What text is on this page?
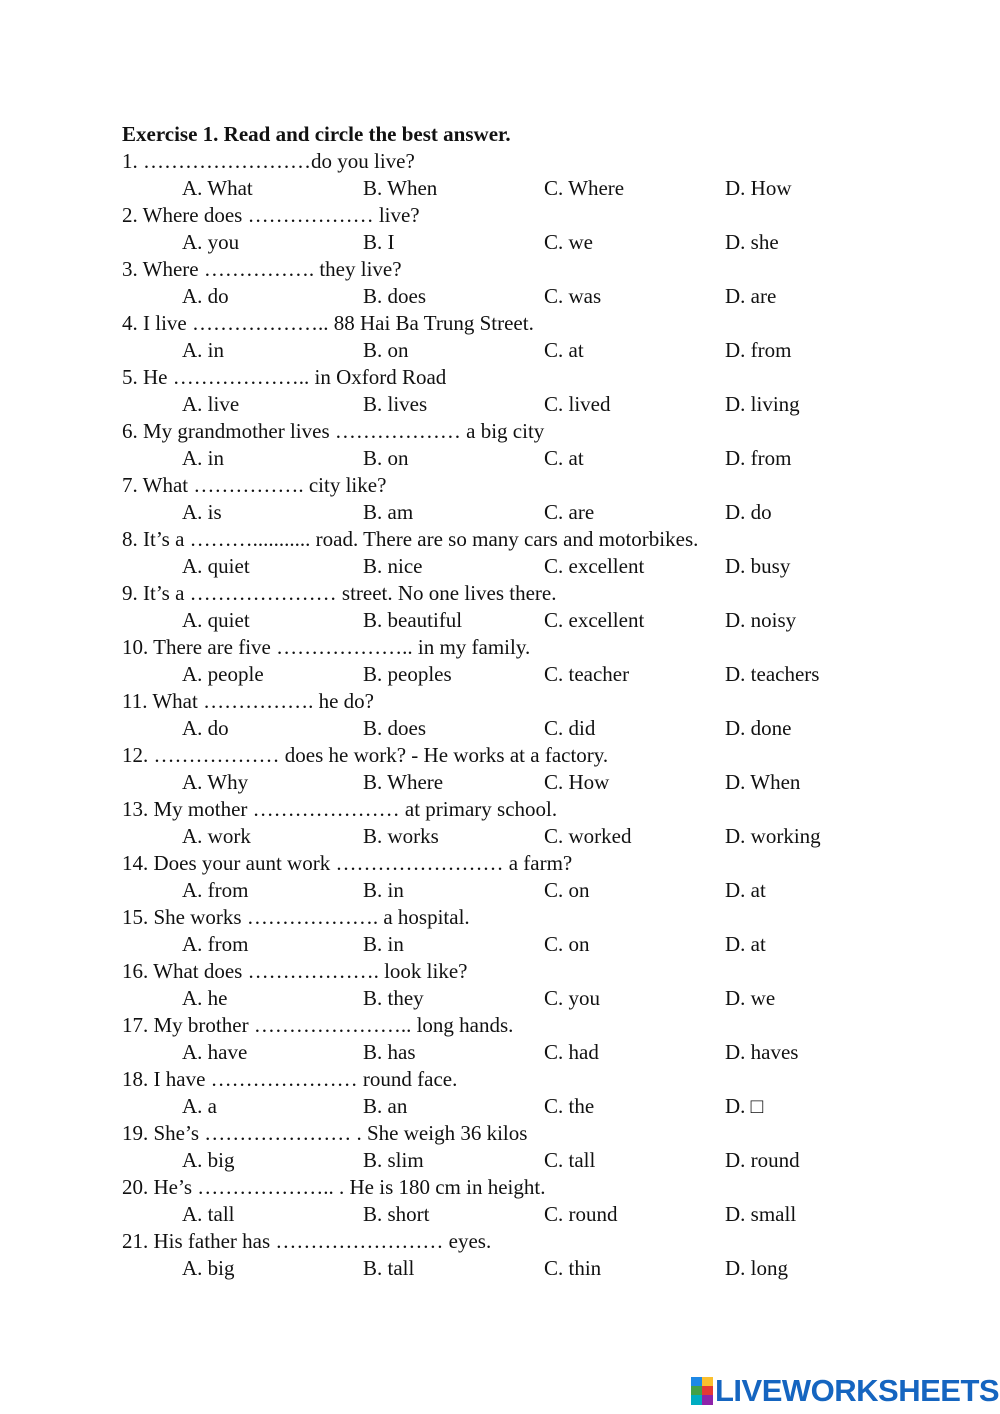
Exercise 1. Read and circle the best answer.
1. ……………………do you live?
A. What	B. When	C. Where	D. How
2. Where does ……………… live?
A. you	B. I	C. we	D. she
3. Where ……………. they live?
A. do	B. does	C. was	D. are
4. I live ……………….. 88 Hai Ba Trung Street.
A. in	B. on	C. at	D. from
5. He ……………….. in Oxford Road
A. live	B. lives	C. lived	D. living
6. My grandmother lives ……………… a big city
A. in	B. on	C. at	D. from
7. What ……………. city like?
A. is	B. am	C. are	D. do
8. It’s a ………........... road. There are so many cars and motorbikes.
A. quiet	B. nice	C. excellent	D. busy
9. It’s a ………………… street. No one lives there.
A. quiet	B. beautiful	C. excellent	D. noisy
10. There are five ……………….. in my family.
A. people	B. peoples	C. teacher	D. teachers
11. What ……………. he do?
A. do	B. does	C. did	D. done
12. ……………… does he work? - He works at a factory.
A. Why	B. Where	C. How	D. When
13. My mother ………………… at primary school.
A. work	B. works	C. worked	D. working
14. Does your aunt work …………………… a farm?
A. from	B. in	C. on	D. at
15. She works ………………. a hospital.
A. from	B. in	C. on	D. at
16. What does ………………. look like?
A. he	B. they	C. you	D. we
17. My brother ………………….. long hands.
A. have	B. has	C. had	D. haves
18. I have ………………… round face.
A. a	B. an	C. the	D. □
19. She’s ………………… . She weigh 36 kilos
A. big	B. slim	C. tall	D. round
20. He’s ……………….. . He is 180 cm in height.
A. tall	B. short	C. round	D. small
21. His father has …………………… eyes.
A. big	B. tall	C. thin	D. long
LIVEWORKSHEETS
